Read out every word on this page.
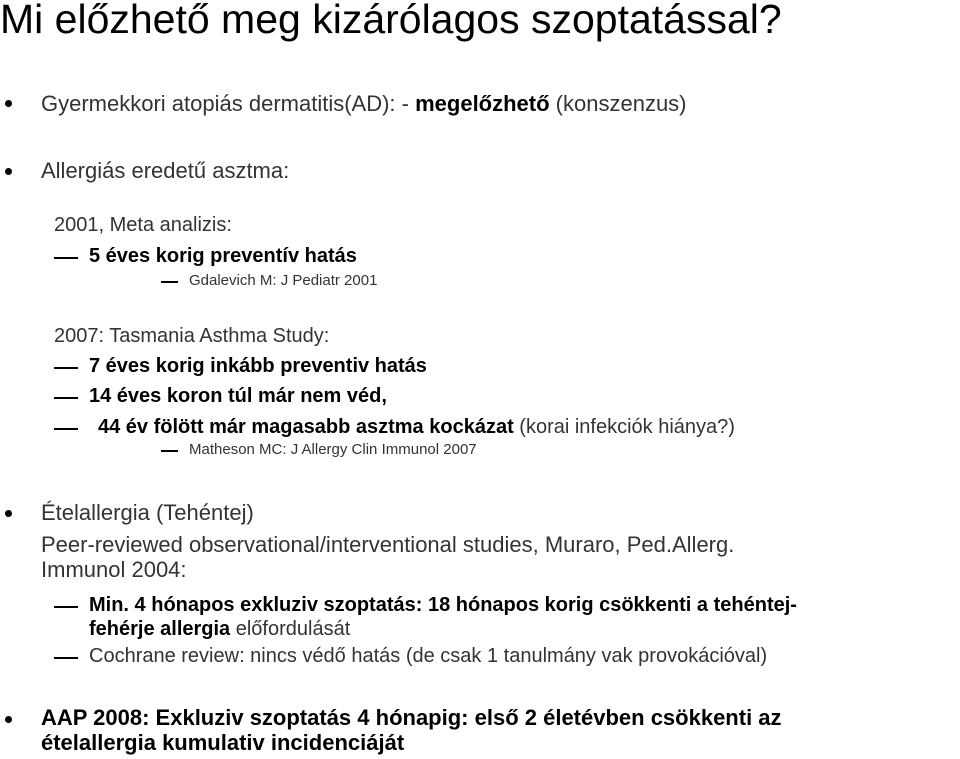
Mi előzhető meg kizárólagos szoptatással?
Gyermekkori atopiás dermatitis(AD): - megelőzhető (konszenzus)
Allergiás eredetű asztma:
2001, Meta analizis:
5 éves korig preventív hatás
Gdalevich M: J Pediatr 2001
2007: Tasmania Asthma Study:
7 éves korig inkább preventiv hatás
14 éves koron túl már nem véd,
44 év fölött már magasabb asztma kockázat (korai infekciók hiánya?)
Matheson MC: J Allergy Clin Immunol 2007
Ételallergia (Tehéntej)
Peer-reviewed observational/interventional studies, Muraro, Ped.Allerg.
Immunol 2004:
Min. 4 hónapos exkluziv szoptatás: 18 hónapos korig csökkenti a tehéntej-
fehérje allergia előfordulását
Cochrane review: nincs védő hatás (de csak 1 tanulmány vak provokációval)
AAP 2008: Exkluziv szoptatás 4 hónapig: első 2 életévben csökkenti az
ételallergia kumulativ incidenciáját
